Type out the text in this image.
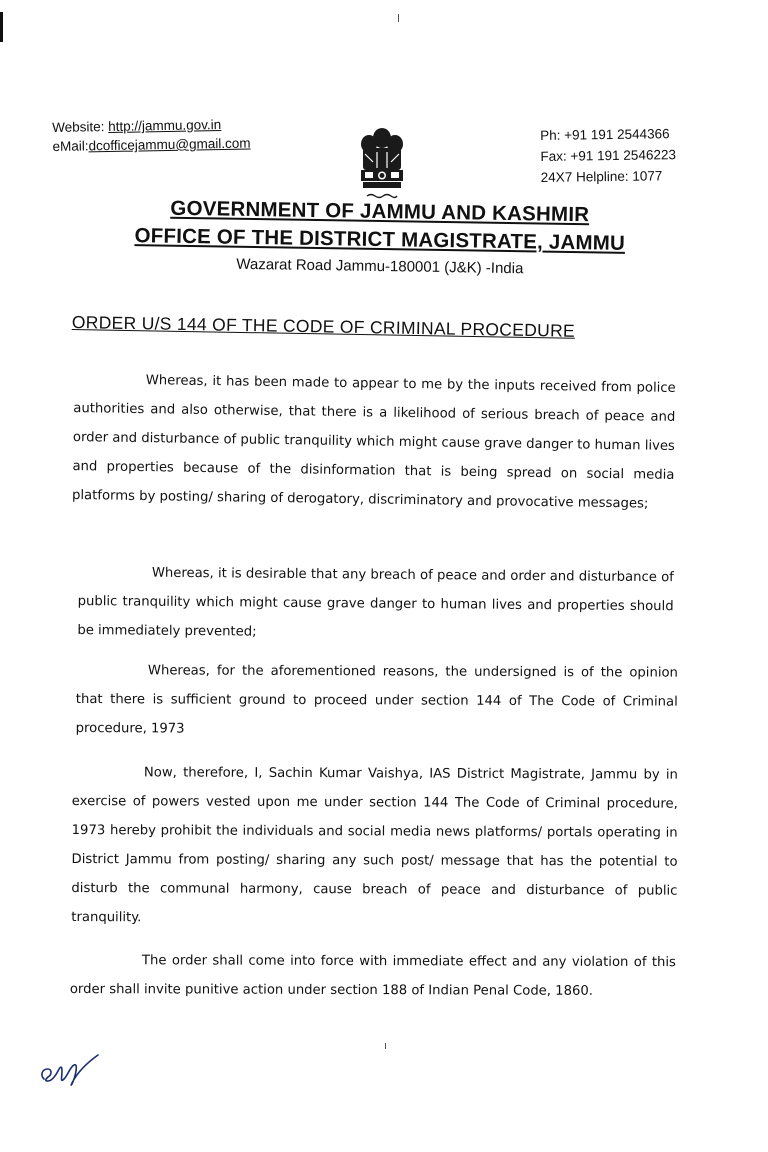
Website: http://jammu.gov.in
eMail:dcofficejammu@gmail.com
Ph: +91 191 2544366
Fax: +91 191 2546223
24X7 Helpline: 1077
GOVERNMENT OF JAMMU AND KASHMIR
OFFICE OF THE DISTRICT MAGISTRATE, JAMMU
Wazarat Road Jammu-180001 (J&K) -India
ORDER U/S 144 OF THE CODE OF CRIMINAL PROCEDURE
Whereas, it has been made to appear to me by the inputs received from police authorities and also otherwise, that there is a likelihood of serious breach of peace and order and disturbance of public tranquility which might cause grave danger to human lives and properties because of the disinformation that is being spread on social media platforms by posting/ sharing of derogatory, discriminatory and provocative messages;
Whereas, it is desirable that any breach of peace and order and disturbance of public tranquility which might cause grave danger to human lives and properties should be immediately prevented;
Whereas, for the aforementioned reasons, the undersigned is of the opinion that there is sufficient ground to proceed under section 144 of The Code of Criminal procedure, 1973
Now, therefore, I, Sachin Kumar Vaishya, IAS District Magistrate, Jammu by in exercise of powers vested upon me under section 144 The Code of Criminal procedure, 1973 hereby prohibit the individuals and social media news platforms/ portals operating in District Jammu from posting/ sharing any such post/ message that has the potential to disturb the communal harmony, cause breach of peace and disturbance of public tranquility.
The order shall come into force with immediate effect and any violation of this order shall invite punitive action under section 188 of Indian Penal Code, 1860.
